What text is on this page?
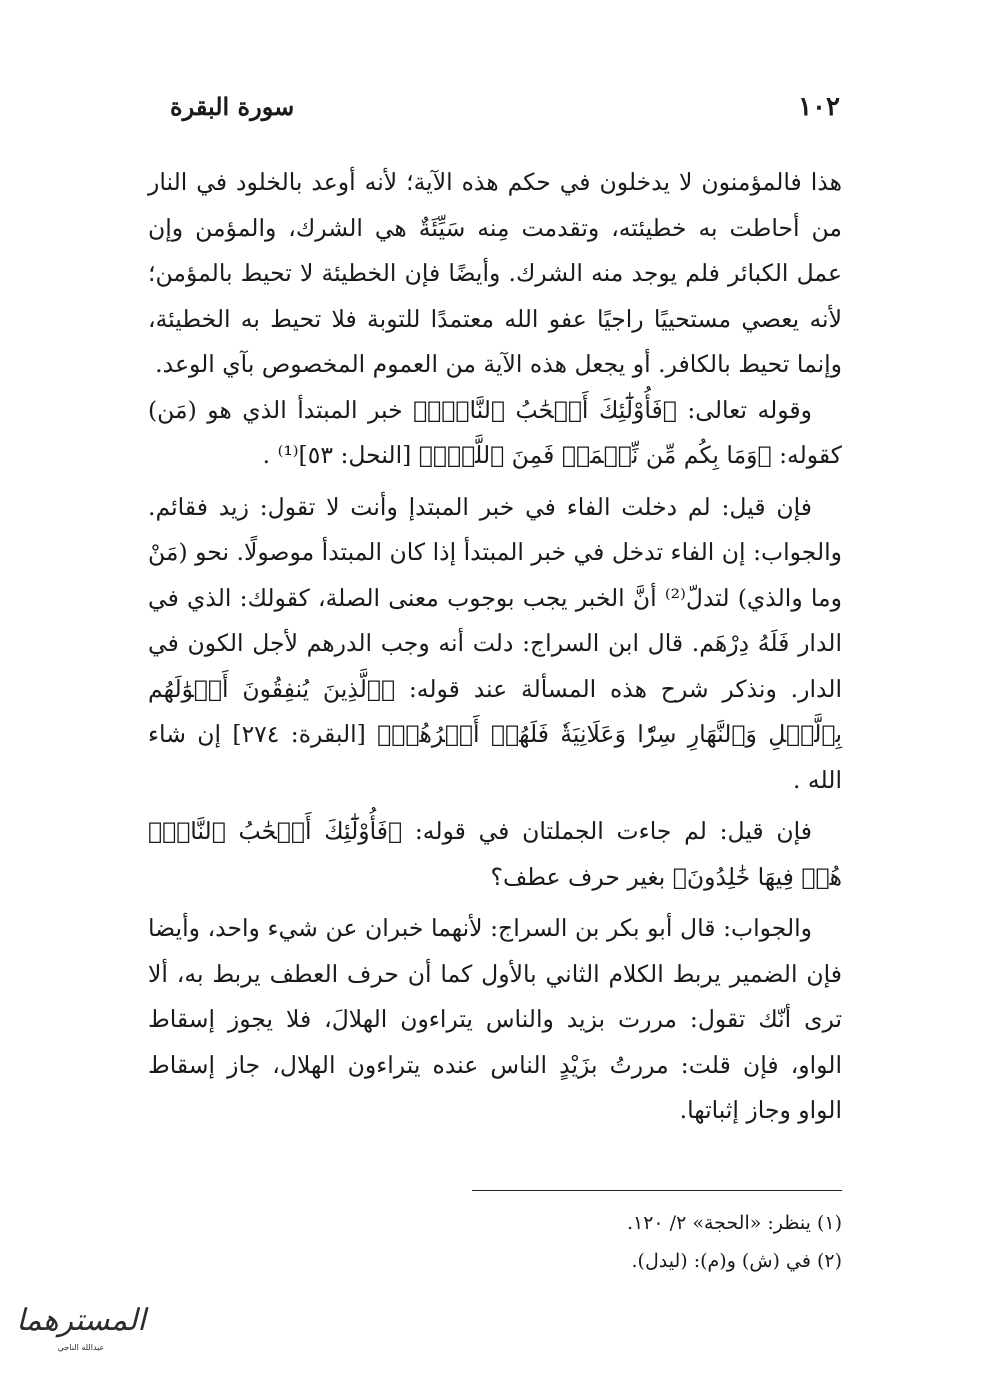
١٠٢
سورة البقرة

هذا فالمؤمنون لا يدخلون في حكم هذه الآية؛ لأنه أوعد بالخلود في النار من أحاطت به خطيئته، وتقدمت مِنه سَيِّئَةٌ هي الشرك، والمؤمن وإن عمل الكبائر فلم يوجد منه الشرك. وأيضًا فإن الخطيئة لا تحيط بالمؤمن؛ لأنه يعصي مستحييًا راجيًا عفو الله معتمدًا للتوبة فلا تحيط به الخطيئة، وإنما تحيط بالكافر. أو يجعل هذه الآية من العموم المخصوص بآي الوعد.

وقوله تعالى: ﴿فَأُوْلَٰٓئِكَ أَصۡحَٰبُ ٱلنَّارِۖ﴾ خبر المبتدأ الذي هو (مَن) كقوله: ﴿وَمَا بِكُم مِّن نِّعۡمَةٖ فَمِنَ ٱللَّهِۖ﴾ [النحل: ٥٣]⁽¹⁾ .

فإن قيل: لم دخلت الفاء في خبر المبتدإ وأنت لا تقول: زيد فقائم. والجواب: إن الفاء تدخل في خبر المبتدأ إذا كان المبتدأ موصولًا. نحو (مَنْ وما والذي) لتدلّ⁽²⁾ أنَّ الخبر يجب بوجوب معنى الصلة، كقولك: الذي في الدار فَلَهُ دِرْهَم. قال ابن السراج: دلت أنه وجب الدرهم لأجل الكون في الدار. ونذكر شرح هذه المسألة عند قوله: ﴿ٱلَّذِينَ يُنفِقُونَ أَمۡوَٰلَهُم بِٱلَّيۡلِ وَٱلنَّهَارِ سِرّٗا وَعَلَانِيَةٗ فَلَهُمۡ أَجۡرُهُمۡ﴾ [البقرة: ٢٧٤] إن شاء الله .

فإن قيل: لم جاءت الجملتان في قوله: ﴿فَأُوْلَٰٓئِكَ أَصۡحَٰبُ ٱلنَّارِۖ هُمۡ فِيهَا خَٰلِدُونَ﴾ بغير حرف عطف؟

والجواب: قال أبو بكر بن السراج: لأنهما خبران عن شيء واحد، وأيضا فإن الضمير يربط الكلام الثاني بالأول كما أن حرف العطف يربط به، ألا ترى أنّك تقول: مررت بزيد والناس يتراءون الهلالَ، فلا يجوز إسقاط الواو، فإن قلت: مررتُ بزَيْدٍ الناس عنده يتراءون الهلال، جاز إسقاط الواو وجاز إثباتها.

(١) ينظر: «الحجة» ٢/ ١٢٠.

(٢) في (ش) و(م): (ليدل).

المسترهما
عبدالله الناجي
